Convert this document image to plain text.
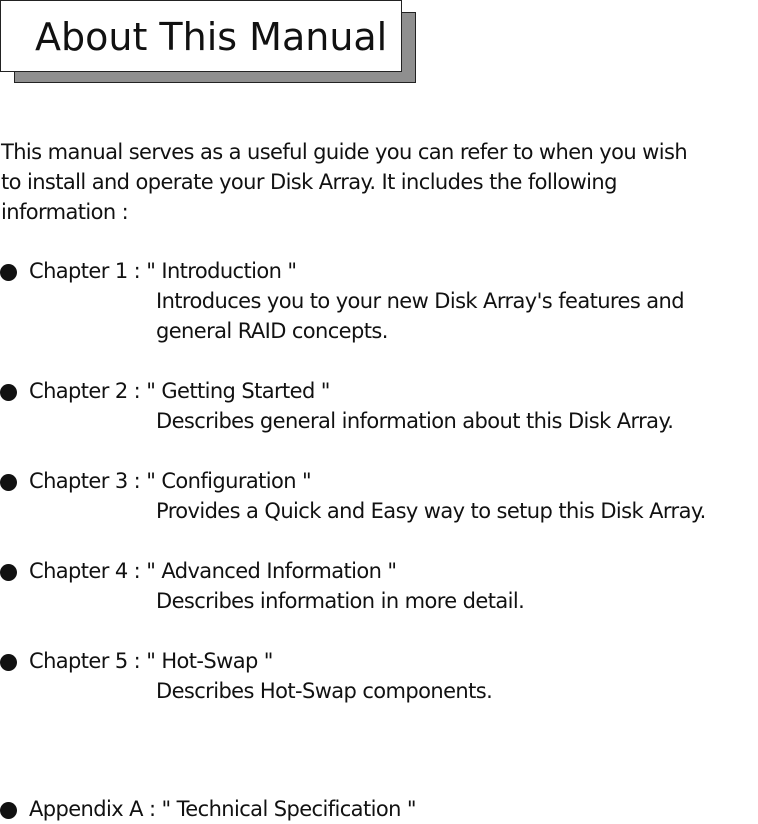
About This Manual
This manual serves as a useful guide you can refer to when you wish
to install and operate your Disk Array. It includes the following
information :
Chapter 1 : " Introduction "
Introduces you to your new Disk Array's features and
general RAID concepts.
Chapter 2 : " Getting Started "
Describes general information about this Disk Array.
Chapter 3 : " Configuration "
Provides a Quick and Easy way to setup this Disk Array.
Chapter 4 : " Advanced Information "
Describes information in more detail.
Chapter 5 : " Hot-Swap "
Describes Hot-Swap components.
Appendix A : " Technical Specification "
